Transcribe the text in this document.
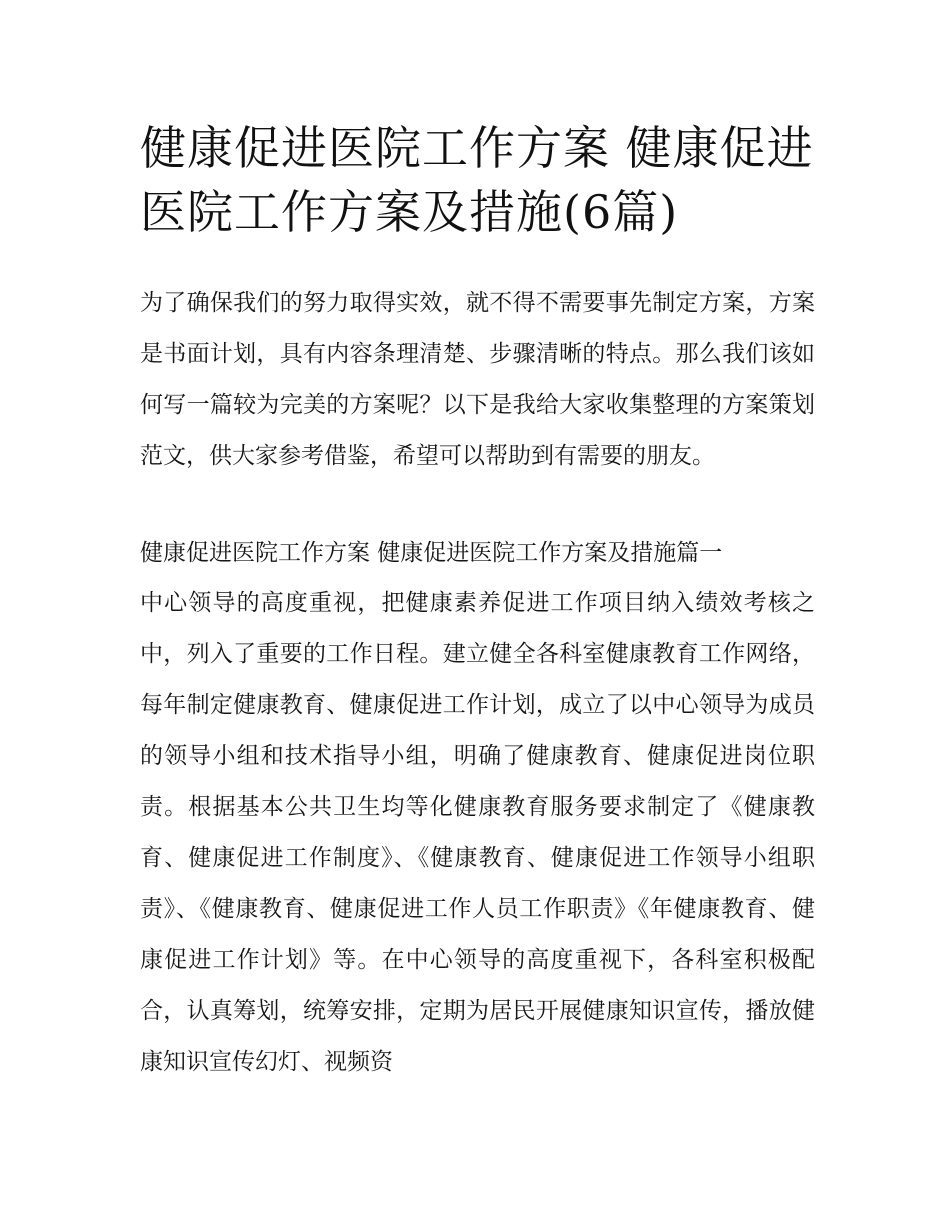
健康促进医院工作方案 健康促进医院工作方案及措施(6篇)

为了确保我们的努力取得实效，就不得不需要事先制定方案，方案是书面计划，具有内容条理清楚、步骤清晰的特点。那么我们该如何写一篇较为完美的方案呢？以下是我给大家收集整理的方案策划范文，供大家参考借鉴，希望可以帮助到有需要的朋友。

健康促进医院工作方案 健康促进医院工作方案及措施篇一

中心领导的高度重视，把健康素养促进工作项目纳入绩效考核之中，列入了重要的工作日程。建立健全各科室健康教育工作网络，每年制定健康教育、健康促进工作计划，成立了以中心领导为成员的领导小组和技术指导小组，明确了健康教育、健康促进岗位职责。根据基本公共卫生均等化健康教育服务要求制定了《健康教育、健康促进工作制度》、《健康教育、健康促进工作领导小组职责》、《健康教育、健康促进工作人员工作职责》《年健康教育、健康促进工作计划》等。在中心领导的高度重视下，各科室积极配合，认真筹划，统筹安排，定期为居民开展健康知识宣传，播放健康知识宣传幻灯、视频资
